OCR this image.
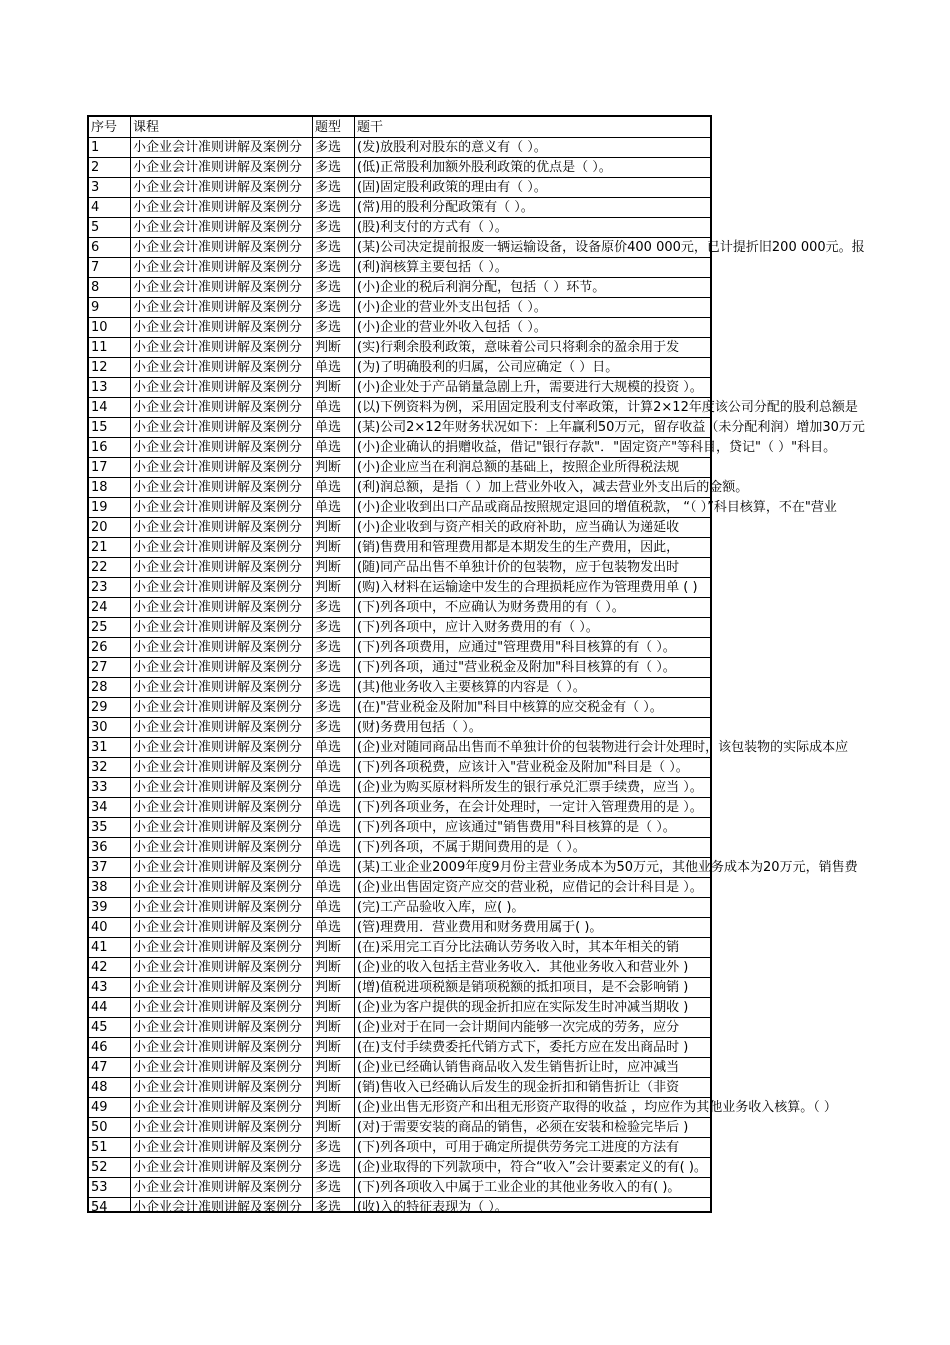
序号 课程	题型 题干
1	小企业会计准则讲解及案例分 多选 (发)放股利对股东的意义有（ ）。
2	小企业会计准则讲解及案例分 多选 (低)正常股利加额外股利政策的优点是（ ）。
3	小企业会计准则讲解及案例分 多选 (固)固定股利政策的理由有（ ）。
4	小企业会计准则讲解及案例分 多选 (常)用的股利分配政策有（ ）。
5	小企业会计准则讲解及案例分 多选 (股)利支付的方式有（ ）。
6	小企业会计准则讲解及案例分 多选 (某)公司决定提前报废一辆运输设备，设备原价400 000元，已计提折旧200 000元。报
7	小企业会计准则讲解及案例分 多选 (利)润核算主要包括（ ）。
8	小企业会计准则讲解及案例分 多选 (小)企业的税后利润分配，包括（ ）环节。
9	小企业会计准则讲解及案例分 多选 (小)企业的营业外支出包括（ ）。
10 小企业会计准则讲解及案例分 多选 (小)企业的营业外收入包括（ ）。
11 小企业会计准则讲解及案例分 判断 (实)行剩余股利政策，意味着公司只将剩余的盈余用于发
12 小企业会计准则讲解及案例分 单选 (为)了明确股利的归属，公司应确定（ ）日。
13 小企业会计准则讲解及案例分 判断 (小)企业处于产品销量急剧上升，需要进行大规模的投资 ）。
14 小企业会计准则讲解及案例分 单选 (以)下例资料为例，采用固定股利支付率政策，计算2×12年度该公司分配的股利总额是
15 小企业会计准则讲解及案例分 单选 (某)公司2×12年财务状况如下：上年赢利50万元，留存收益（未分配利润）增加30万元
16 小企业会计准则讲解及案例分 单选 (小)企业确认的捐赠收益，借记"银行存款"．"固定资产"等科目，贷记"（ ）"科目。
17 小企业会计准则讲解及案例分 判断 (小)企业应当在利润总额的基础上，按照企业所得税法规
18 小企业会计准则讲解及案例分 单选 (利)润总额，是指（ ）加上营业外收入，减去营业外支出后的金额。
19 小企业会计准则讲解及案例分 单选 (小)企业收到出口产品或商品按照规定退回的增值税款， “（ ）”科目核算，不在"营业
20 小企业会计准则讲解及案例分 判断 (小)企业收到与资产相关的政府补助，应当确认为递延收
21 小企业会计准则讲解及案例分 判断 (销)售费用和管理费用都是本期发生的生产费用，因此，
22 小企业会计准则讲解及案例分 判断 (随)同产品出售不单独计价的包装物，应于包装物发出时
23 小企业会计准则讲解及案例分 判断 (购)入材料在运输途中发生的合理损耗应作为管理费用单 ( )
24 小企业会计准则讲解及案例分 多选 (下)列各项中，不应确认为财务费用的有（ ）。
25 小企业会计准则讲解及案例分 多选 (下)列各项中，应计入财务费用的有（ ）。
26 小企业会计准则讲解及案例分 多选 (下)列各项费用，应通过"管理费用"科目核算的有（ ）。
27 小企业会计准则讲解及案例分 多选 (下)列各项，通过"营业税金及附加"科目核算的有（ ）。
28 小企业会计准则讲解及案例分 多选 (其)他业务收入主要核算的内容是（ ）。
29 小企业会计准则讲解及案例分 多选 (在)"营业税金及附加"科目中核算的应交税金有（ ）。
30 小企业会计准则讲解及案例分 多选 (财)务费用包括（ ）。
31 小企业会计准则讲解及案例分 单选 (企)业对随同商品出售而不单独计价的包装物进行会计处理时，该包装物的实际成本应
32 小企业会计准则讲解及案例分 单选 (下)列各项税费，应该计入"营业税金及附加"科目是（ ）。
33 小企业会计准则讲解及案例分 单选 (企)业为购买原材料所发生的银行承兑汇票手续费，应当 ）。
34 小企业会计准则讲解及案例分 单选 (下)列各项业务，在会计处理时，一定计入管理费用的是 ）。
35 小企业会计准则讲解及案例分 单选 (下)列各项中，应该通过"销售费用"科目核算的是（ ）。
36 小企业会计准则讲解及案例分 单选 (下)列各项，不属于期间费用的是（ ）。
37 小企业会计准则讲解及案例分 单选 (某)工业企业2009年度9月份主营业务成本为50万元，其他业务成本为20万元，销售费
38 小企业会计准则讲解及案例分 单选 (企)业出售固定资产应交的营业税，应借记的会计科目是 ）。
39 小企业会计准则讲解及案例分 单选 (完)工产品验收入库，应( )。
40 小企业会计准则讲解及案例分 单选 (管)理费用．营业费用和财务费用属于( )。
41 小企业会计准则讲解及案例分 判断 (在)采用完工百分比法确认劳务收入时，其本年相关的销
42 小企业会计准则讲解及案例分 判断 (企)业的收入包括主营业务收入．其他业务收入和营业外 )
43 小企业会计准则讲解及案例分 判断 (增)值税进项税额是销项税额的抵扣项目，是不会影响销 )
44 小企业会计准则讲解及案例分 判断 (企)业为客户提供的现金折扣应在实际发生时冲减当期收 )
45 小企业会计准则讲解及案例分 判断 (企)业对于在同一会计期间内能够一次完成的劳务，应分
46 小企业会计准则讲解及案例分 判断 (在)支付手续费委托代销方式下，委托方应在发出商品时 )
47 小企业会计准则讲解及案例分 判断 (企)业已经确认销售商品收入发生销售折让时，应冲减当
48 小企业会计准则讲解及案例分 判断 (销)售收入已经确认后发生的现金折扣和销售折让（非资
49 小企业会计准则讲解及案例分 判断 (企)业出售无形资产和出租无形资产取得的收益 ，均应作为其他业务收入核算。（ ）
50 小企业会计准则讲解及案例分 判断 (对)于需要安装的商品的销售，必须在安装和检验完毕后 )
51 小企业会计准则讲解及案例分 多选 (下)列各项中，可用于确定所提供劳务完工进度的方法有
52 小企业会计准则讲解及案例分 多选 (企)业取得的下列款项中，符合“收入”会计要素定义的有( )。
53 小企业会计准则讲解及案例分 多选 (下)列各项收入中属于工业企业的其他业务收入的有( )。
54 小企业会计准则讲解及案例分 多选 (收)入的特征表现为（ ）。
